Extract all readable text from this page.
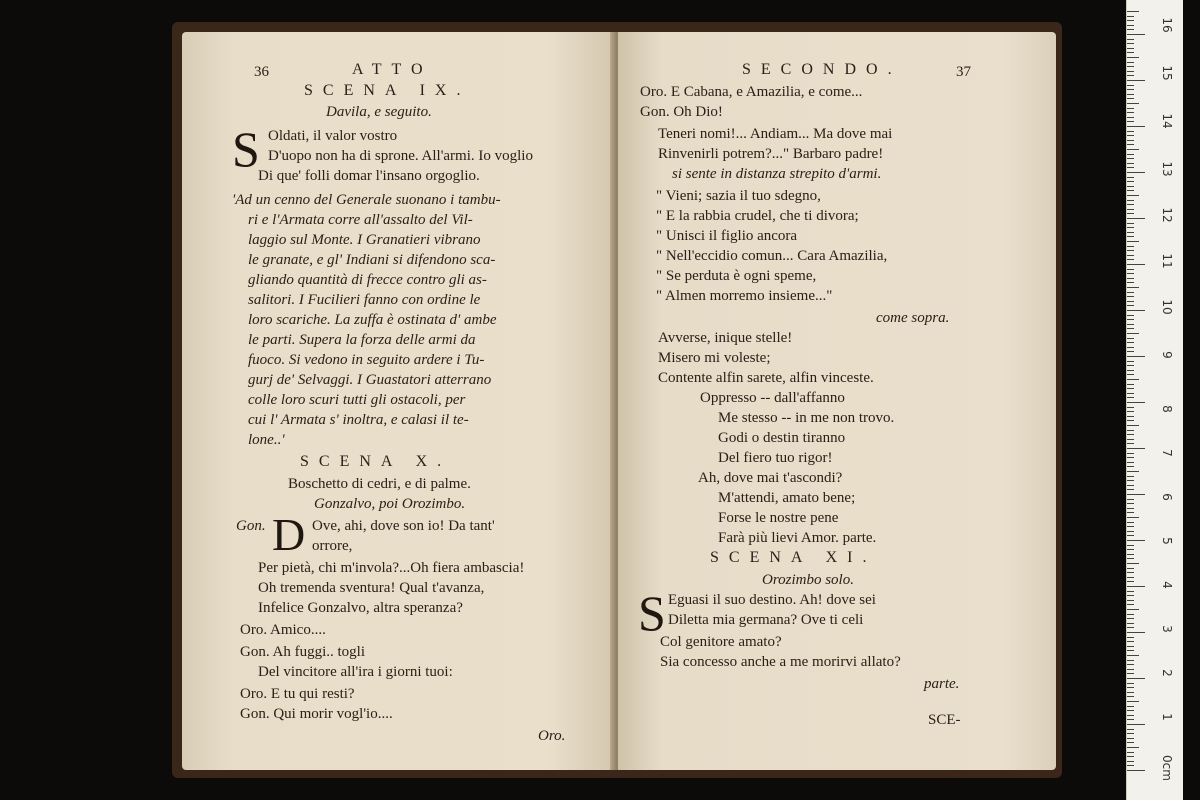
36	ATTO
SCENA IX.
Davila, e seguito.
S Oldati, il valor vostro
D'uopo non ha di sprone. All'armi. Io voglio
Di que' folli domar l'insano orgoglio.
'Ad un cenno del Generale suonano i tambu-
ri e l'Armata corre all'assalto del Vil-
laggio sul Monte. I Granatieri vibrano
le granate, e gl' Indiani si difendono sca-
gliando quantità di frecce contro gli as-
salitori. I Fucilieri fanno con ordine le
loro scariche. La zuffa è ostinata d' ambe
le parti. Supera la forza delle armi da
fuoco. Si vedono in seguito ardere i Tu-
gurj de' Selvaggi. I Guastatori atterrano
colle loro scuri tutti gli ostacoli, per
cui l' Armata s' inoltra, e calasi il te-
lone..'
SCENA X.
Boschetto di cedri, e di palme.
Gonzalvo, poi Orozimbo.
Gon. D Ove, ahi, dove son io! Da tant'
orrore,
Per pietà, chi m'invola?...Oh fiera ambascia!
Oh tremenda sventura! Qual t'avanza,
Infelice Gonzalvo, altra speranza?
Oro. Amico....
Gon. Ah fuggi.. togli
Del vincitore all'ira i giorni tuoi:
Oro. E tu qui resti?
Gon. Qui morir vogl'io....
Oro.
SECONDO.	37
Oro. E Cabana, e Amazilia, e come...
Gon. Oh Dio!
Teneri nomi!... Andiam... Ma dove mai
Rinvenirli potrem?..." Barbaro padre!
si sente in distanza strepito d'armi.
" Vieni; sazia il tuo sdegno,
" E la rabbia crudel, che ti divora;
" Unisci il figlio ancora
" Nell'eccidio comun... Cara Amazilia,
" Se perduta è ogni speme,
" Almen morremo insieme..."
come sopra.
Avverse, inique stelle!
Misero mi voleste;
Contente alfin sarete, alfin vinceste.
Oppresso -- dall'affanno
Me stesso -- in me non trovo.
Godi o destin tiranno
Del fiero tuo rigor!
Ah, dove mai t'ascondi?
M'attendi, amato bene;
Forse le nostre pene
Farà più lievi Amor. parte.
SCENA XI.
Orozimbo solo.
S Eguasi il suo destino. Ah! dove sei
Diletta mia germana? Ove ti celi
Col genitore amato?
Sia concesso anche a me morirvi allato?
parte.
SCE-
0cm
1
2
3
4
5
6
7
8
9
10
11
12
13
14
15
16
